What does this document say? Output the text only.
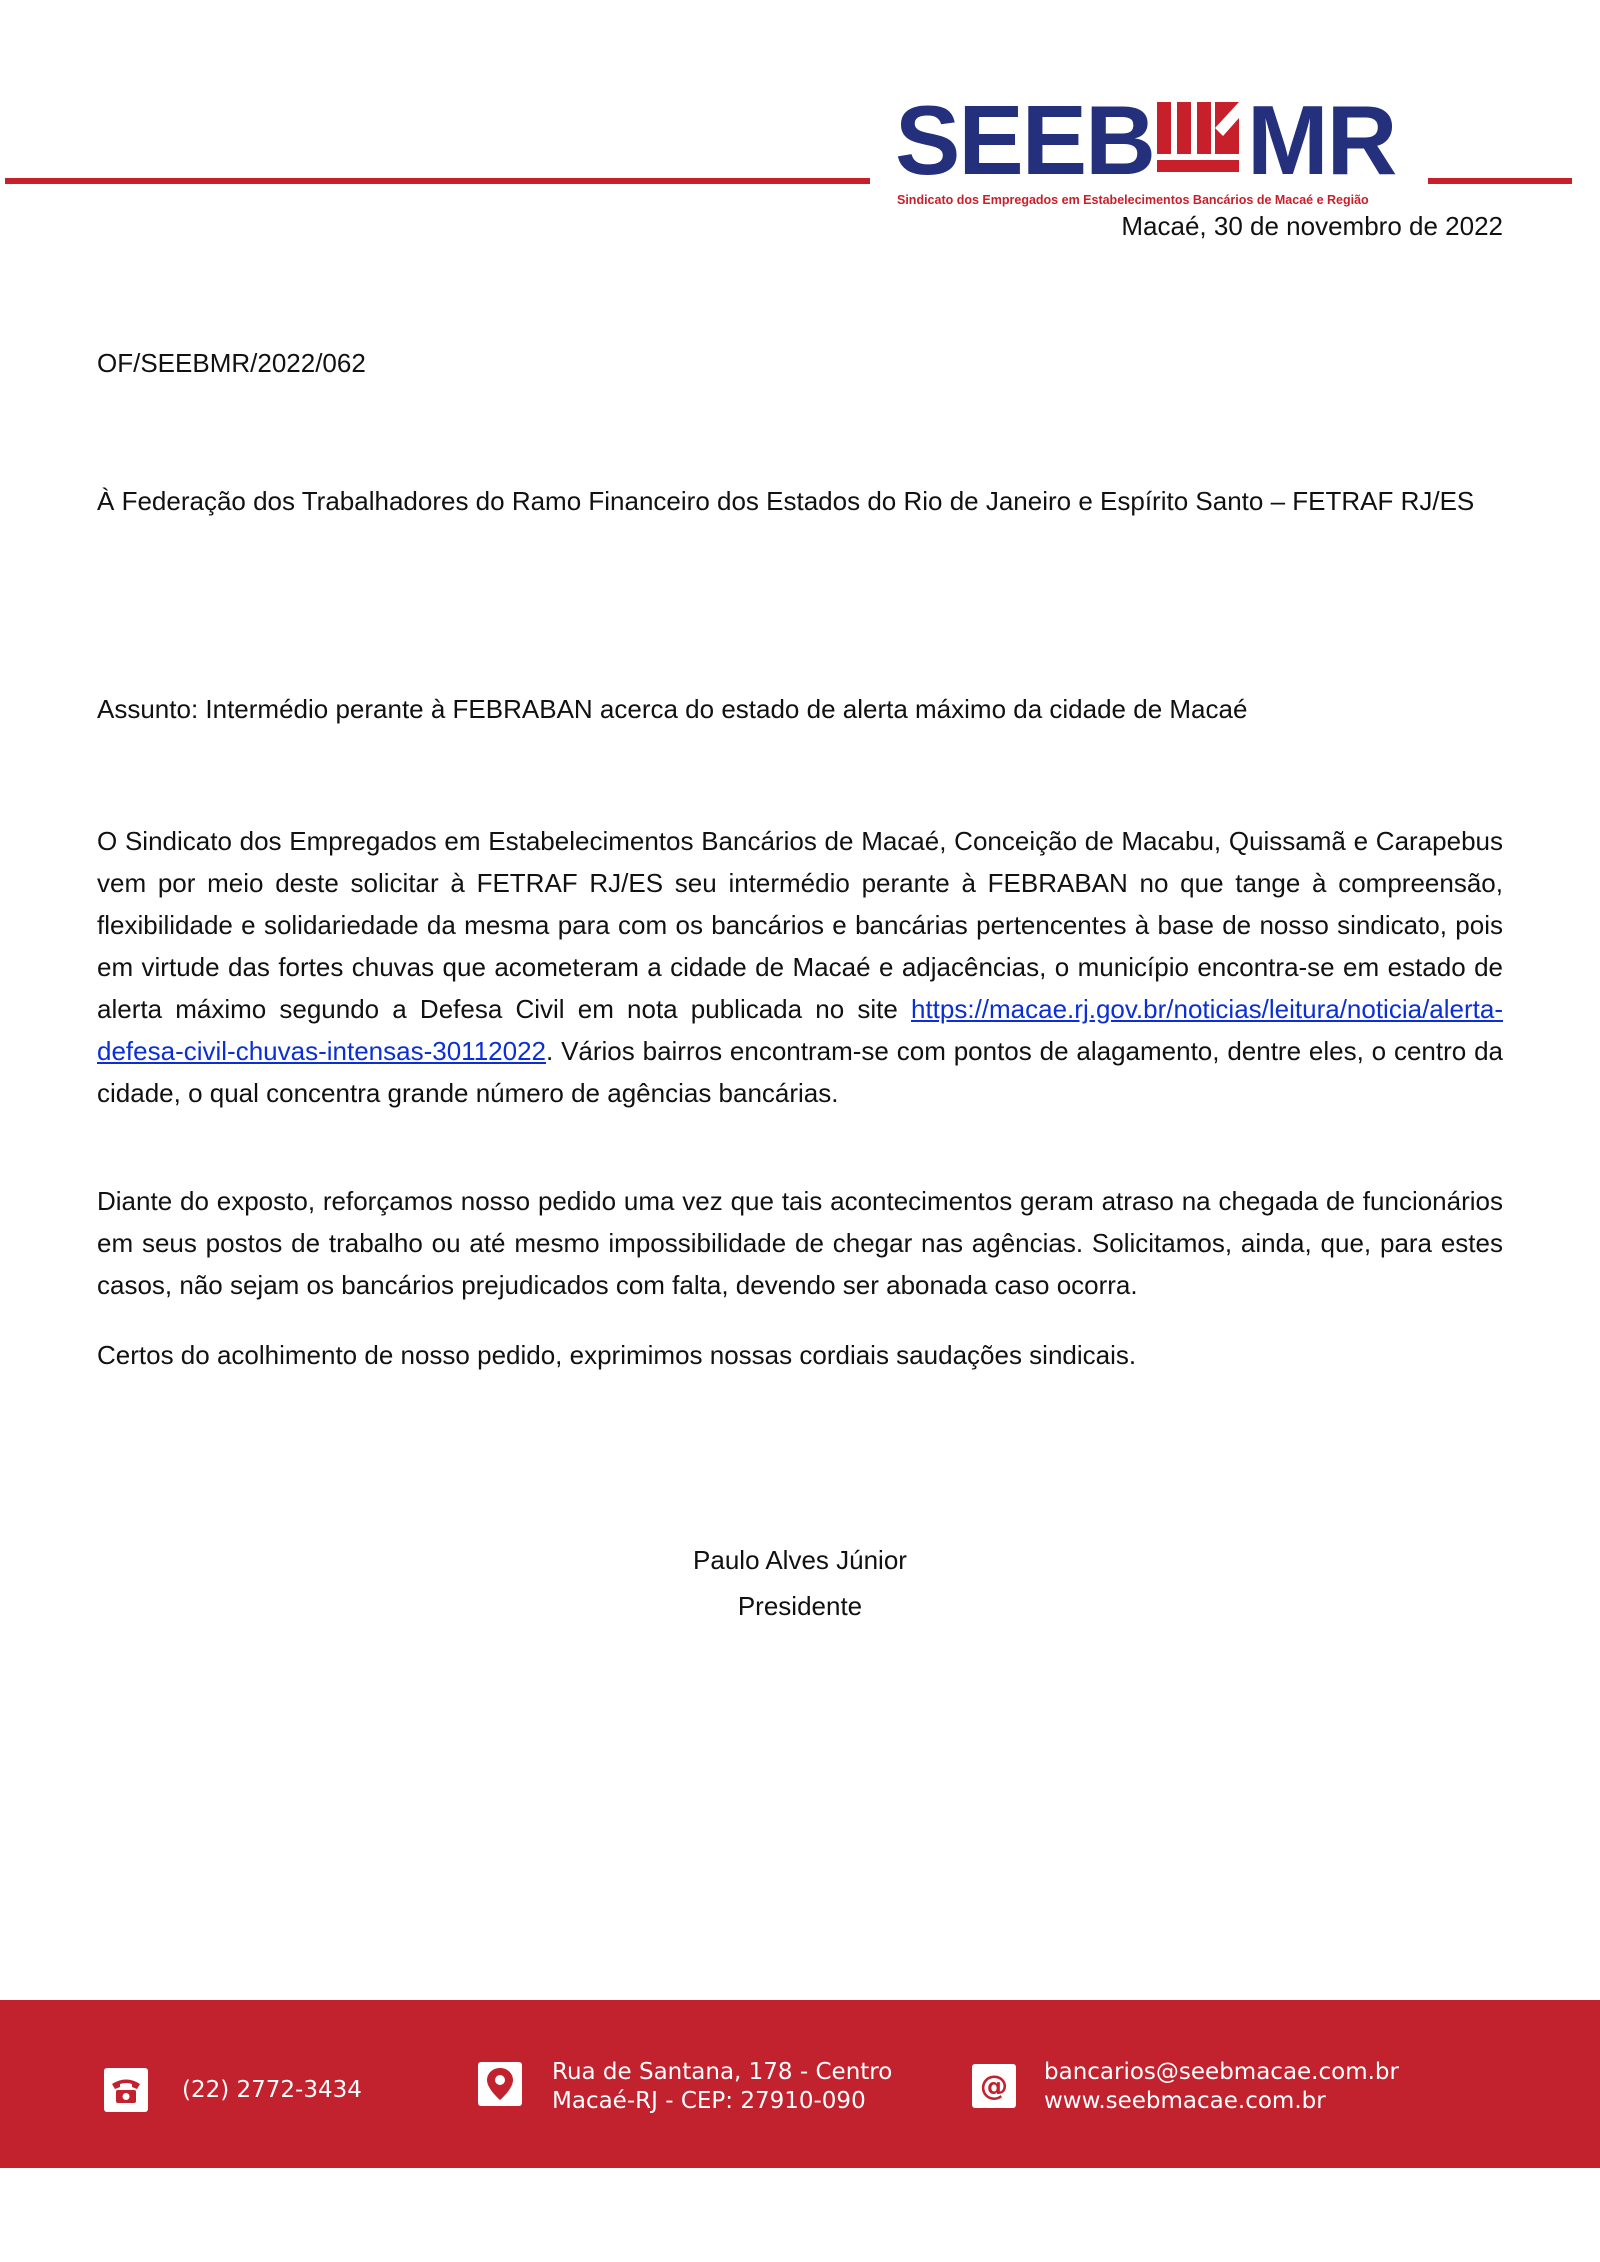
SEEB MR
Sindicato dos Empregados em Estabelecimentos Bancários de Macaé e Região
Macaé, 30 de novembro de 2022
OF/SEEBMR/2022/062
À Federação dos Trabalhadores do Ramo Financeiro dos Estados do Rio de Janeiro e Espírito Santo – FETRAF RJ/ES
Assunto: Intermédio perante à FEBRABAN acerca do estado de alerta máximo da cidade de Macaé
O Sindicato dos Empregados em Estabelecimentos Bancários de Macaé, Conceição de Macabu, Quissamã e Carapebus vem por meio deste solicitar à FETRAF RJ/ES seu intermédio perante à FEBRABAN no que tange à compreensão, flexibilidade e solidariedade da mesma para com os bancários e bancárias pertencentes à base de nosso sindicato, pois em virtude das fortes chuvas que acometeram a cidade de Macaé e adjacências, o município encontra-se em estado de alerta máximo segundo a Defesa Civil em nota publicada no site https://macae.rj.gov.br/noticias/leitura/noticia/alerta-defesa-civil-chuvas-intensas-30112022. Vários bairros encontram-se com pontos de alagamento, dentre eles, o centro da cidade, o qual concentra grande número de agências bancárias.
Diante do exposto, reforçamos nosso pedido uma vez que tais acontecimentos geram atraso na chegada de funcionários em seus postos de trabalho ou até mesmo impossibilidade de chegar nas agências. Solicitamos, ainda, que, para estes casos, não sejam os bancários prejudicados com falta, devendo ser abonada caso ocorra.
Certos do acolhimento de nosso pedido, exprimimos nossas cordiais saudações sindicais.
Paulo Alves Júnior
Presidente
(22) 2772-3434
Rua de Santana, 178 - Centro
Macaé-RJ - CEP: 27910-090	@ bancarios@seebmacae.com.br
www.seebmacae.com.br
